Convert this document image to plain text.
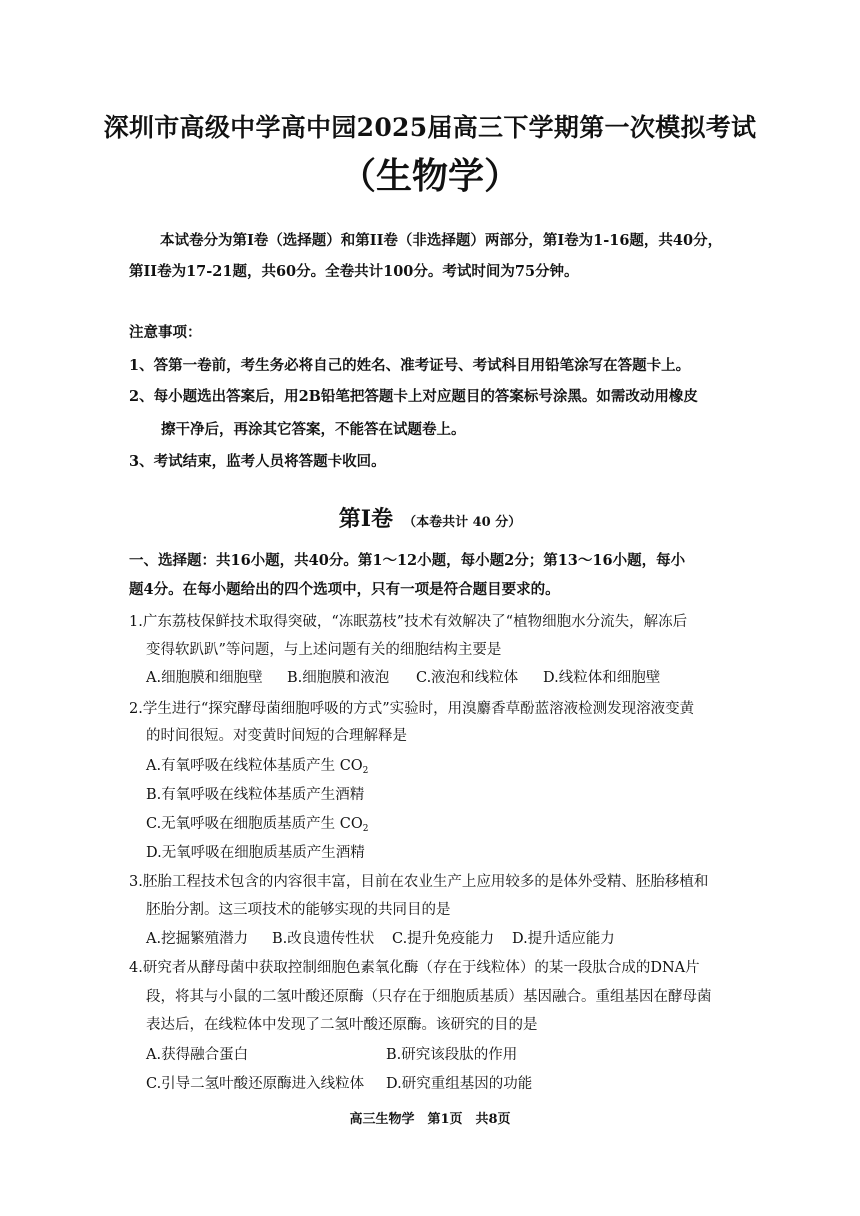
深圳市高级中学高中园2025届高三下学期第一次模拟考试
（生物学）
本试卷分为第I卷（选择题）和第II卷（非选择题）两部分，第I卷为1-16题，共40分，
第II卷为17-21题，共60分。全卷共计100分。考试时间为75分钟。
注意事项：
1、答第一卷前，考生务必将自己的姓名、准考证号、考试科目用铅笔涂写在答题卡上。
2、每小题选出答案后，用2B铅笔把答题卡上对应题目的答案标号涂黑。如需改动用橡皮
擦干净后，再涂其它答案，不能答在试题卷上。
3、考试结束，监考人员将答题卡收回。
第I卷 （本卷共计 40 分）
一、选择题：共16小题，共40分。第1～12小题，每小题2分；第13～16小题，每小
题4分。在每小题给出的四个选项中，只有一项是符合题目要求的。
1.广东荔枝保鲜技术取得突破，“冻眠荔枝”技术有效解决了“植物细胞水分流失，解冻后
变得软趴趴”等问题，与上述问题有关的细胞结构主要是
A.细胞膜和细胞壁 B.细胞膜和液泡 C.液泡和线粒体 D.线粒体和细胞壁
2.学生进行“探究酵母菌细胞呼吸的方式”实验时，用溴麝香草酚蓝溶液检测发现溶液变黄
的时间很短。对变黄时间短的合理解释是
A.有氧呼吸在线粒体基质产生 $CO_2$
B.有氧呼吸在线粒体基质产生酒精
C.无氧呼吸在细胞质基质产生 $CO_2$
D.无氧呼吸在细胞质基质产生酒精
3.胚胎工程技术包含的内容很丰富，目前在农业生产上应用较多的是体外受精、胚胎移植和
胚胎分割。这三项技术的能够实现的共同目的是
A.挖掘繁殖潜力 B.改良遗传性状 C.提升免疫能力 D.提升适应能力
4.研究者从酵母菌中获取控制细胞色素氧化酶（存在于线粒体）的某一段肽合成的DNA片
段，将其与小鼠的二氢叶酸还原酶（只存在于细胞质基质）基因融合。重组基因在酵母菌
表达后，在线粒体中发现了二氢叶酸还原酶。该研究的目的是
A.获得融合蛋白	B.研究该段肽的作用
C.引导二氢叶酸还原酶进入线粒体 D.研究重组基因的功能
高三生物学　第1页　共8页
